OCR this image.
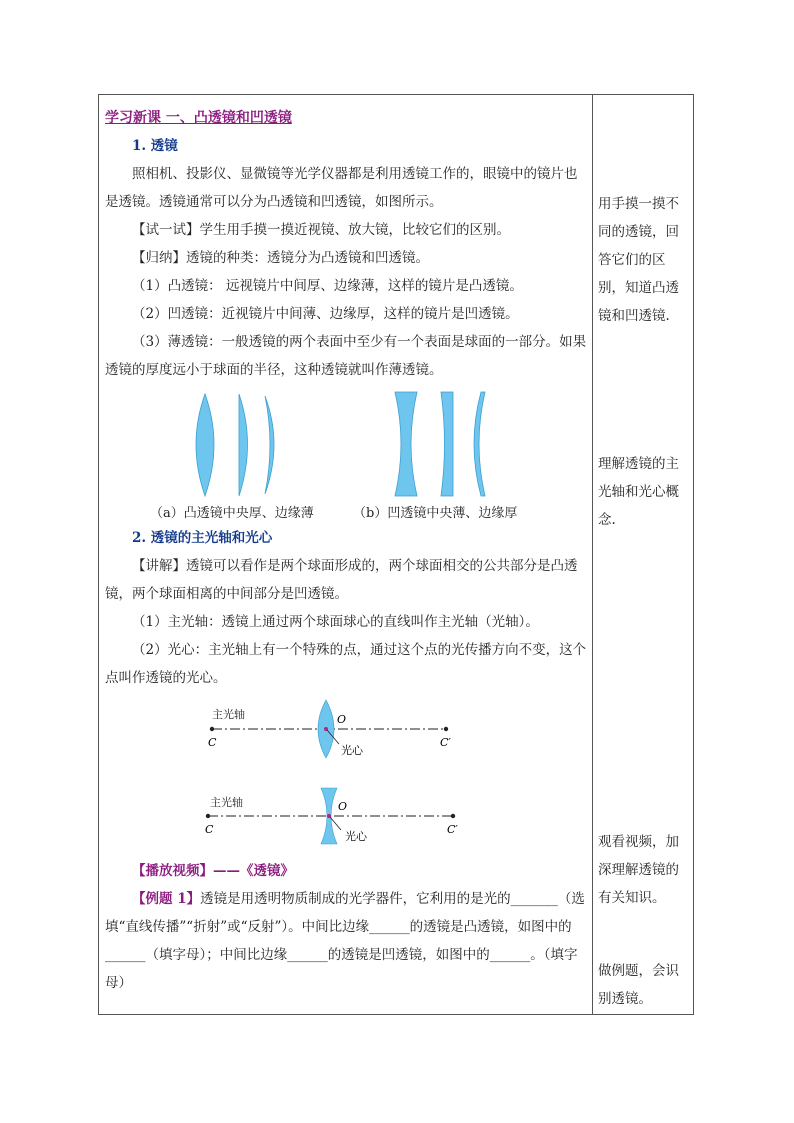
学习新课 一、凸透镜和凹透镜

1. 透镜

照相机、投影仪、显微镜等光学仪器都是利用透镜工作的，眼镜中的镜片也是透镜。透镜通常可以分为凸透镜和凹透镜，如图所示。

【试一试】学生用手摸一摸近视镜、放大镜，比较它们的区别。

【归纳】透镜的种类：透镜分为凸透镜和凹透镜。

（1）凸透镜： 远视镜片中间厚、边缘薄，这样的镜片是凸透镜。

（2）凹透镜：近视镜片中间薄、边缘厚，这样的镜片是凹透镜。

（3）薄透镜：一般透镜的两个表面中至少有一个表面是球面的一部分。如果透镜的厚度远小于球面的半径，这种透镜就叫作薄透镜。

（a）凸透镜中央厚、边缘薄	（b）凹透镜中央薄、边缘厚

2. 透镜的主光轴和光心

【讲解】透镜可以看作是两个球面形成的，两个球面相交的公共部分是凸透镜，两个球面相离的中间部分是凹透镜。

（1）主光轴：透镜上通过两个球面球心的直线叫作主光轴（光轴）。

（2）光心：主光轴上有一个特殊的点，通过这个点的光传播方向不变，这个点叫作透镜的光心。

主光轴
C	C′
O
光心
主光轴
C	C′
O
光心

【播放视频】——《透镜》

【例题 1】透镜是用透明物质制成的光学器件，它利用的是光的_______（选填“直线传播”“折射”或“反射”）。中间比边缘______的透镜是凸透镜，如图中的______（填字母）；中间比边缘______的透镜是凹透镜，如图中的______。（填字母）

用手摸一摸不同的透镜，回答它们的区别，知道凸透镜和凹透镜.
理解透镜的主光轴和光心概念.
观看视频，加深理解透镜的有关知识。
做例题，会识别透镜。
